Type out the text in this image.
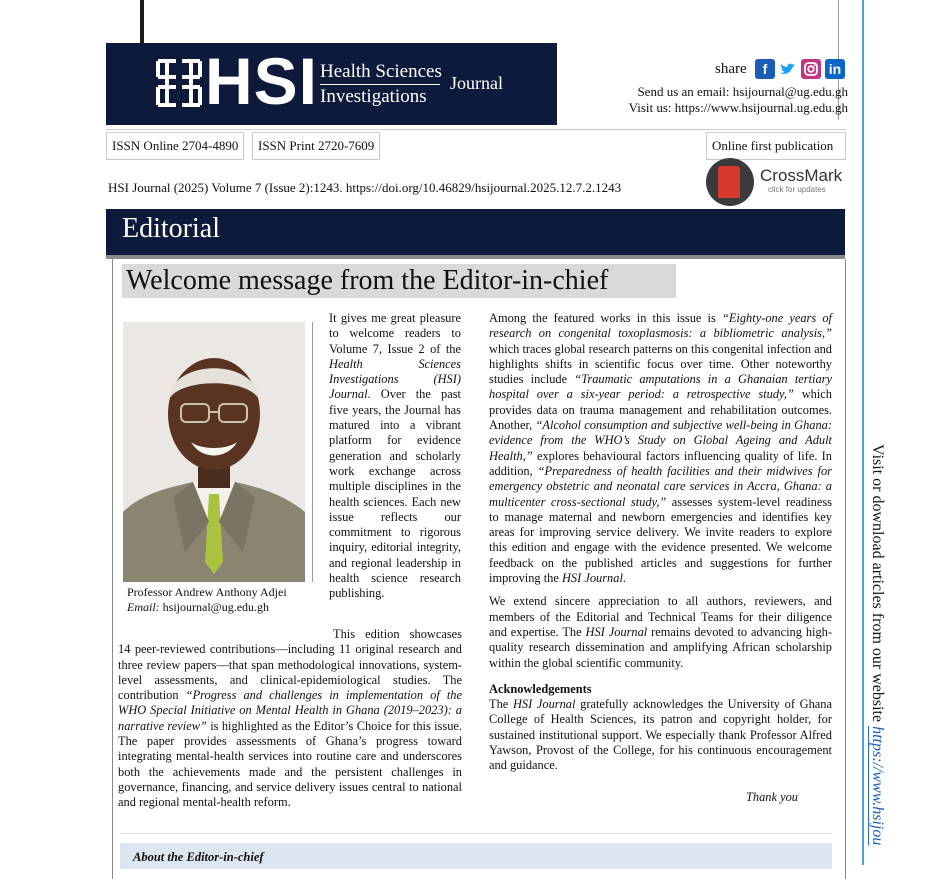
HSI Health Sciences
Investigations
Journal
share	f	in
Send us an email: hsijournal@ug.edu.gh
Visit us: https://www.hsijournal.ug.edu.gh
ISSN Online 2704-4890	ISSN Print 2720-7609	Online first publication
HSI Journal (2025) Volume 7 (Issue 2):1243. https://doi.org/10.46829/hsijournal.2025.12.7.2.1243
CrossMark
click for updates
Editorial
Welcome message from the Editor-in-chief
Professor Andrew Anthony Adjei
Email: hsijournal@ug.edu.gh

It gives me great pleasure to welcome readers to Volume 7, Issue 2 of the Health Sciences Investigations (HSI) Journal. Over the past five years, the Journal has matured into a vibrant platform for evidence generation and scholarly work exchange across multiple disciplines in the health sciences. Each new issue reflects our commitment to rigorous inquiry, editorial integrity, and regional leadership in health science research publishing.

This edition showcases 14 peer-reviewed contributions—including 11 original research and three review papers—that span methodological innovations, system-level assessments, and clinical-epidemiological studies. The contribution “Progress and challenges in implementation of the WHO Special Initiative on Mental Health in Ghana (2019–2023): a narrative review” is highlighted as the Editor’s Choice for this issue. The paper provides assessments of Ghana’s progress toward integrating mental-health services into routine care and underscores both the achievements made and the persistent challenges in governance, financing, and service delivery issues central to national and regional mental-health reform.

Among the featured works in this issue is “Eighty-one years of research on congenital toxoplasmosis: a bibliometric analysis,” which traces global research patterns on this congenital infection and highlights shifts in scientific focus over time. Other noteworthy studies include “Traumatic amputations in a Ghanaian tertiary hospital over a six-year period: a retrospective study,” which provides data on trauma management and rehabilitation outcomes. Another, “Alcohol consumption and subjective well-being in Ghana: evidence from the WHO’s Study on Global Ageing and Adult Health,” explores behavioural factors influencing quality of life. In addition, “Preparedness of health facilities and their midwives for emergency obstetric and neonatal care services in Accra, Ghana: a multicenter cross-sectional study,” assesses system-level readiness to manage maternal and newborn emergencies and identifies key areas for improving service delivery. We invite readers to explore this edition and engage with the evidence presented. We welcome feedback on the published articles and suggestions for further improving the HSI Journal.

We extend sincere appreciation to all authors, reviewers, and members of the Editorial and Technical Teams for their diligence and expertise. The HSI Journal remains devoted to advancing high-quality research dissemination and amplifying African scholarship within the global scientific community.

Acknowledgements

The HSI Journal gratefully acknowledges the University of Ghana College of Health Sciences, its patron and copyright holder, for sustained institutional support. We especially thank Professor Alfred Yawson, Provost of the College, for his continuous encouragement and guidance.

Thank you
About the Editor-in-chief
Visit or download articles from our website https://www.hsijou
